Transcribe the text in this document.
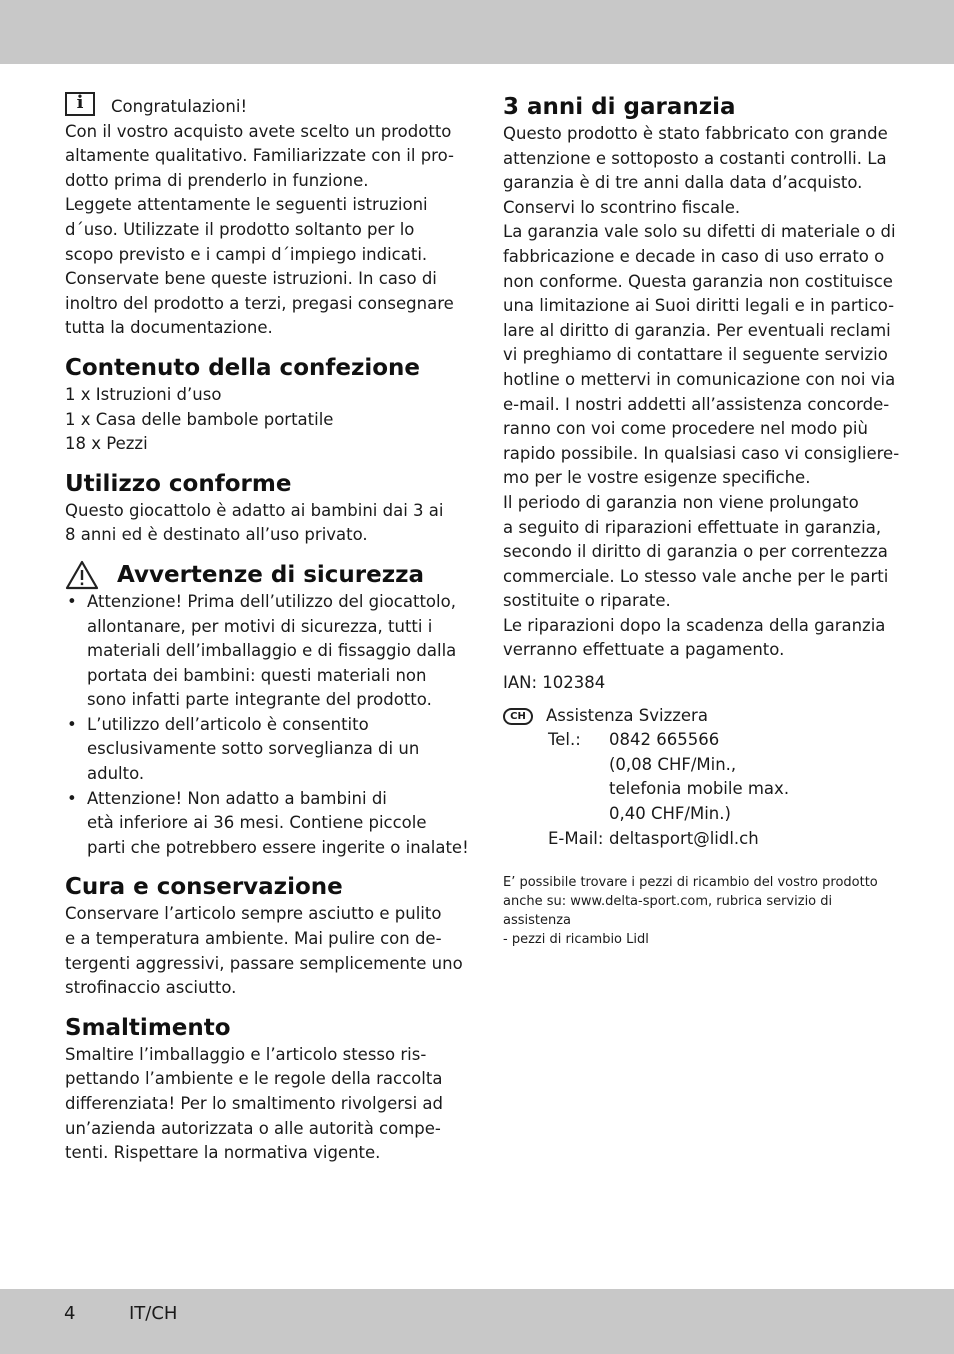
i	Congratulazioni!
Con il vostro acquisto avete scelto un prodotto
altamente qualitativo. Familiarizzate con il pro-
dotto prima di prenderlo in funzione.
Leggete attentamente le seguenti istruzioni
d´uso. Utilizzate il prodotto soltanto per lo
scopo previsto e i campi d´impiego indicati.
Conservate bene queste istruzioni. In caso di
inoltro del prodotto a terzi, pregasi consegnare
tutta la documentazione.
Contenuto della confezione
1 x Istruzioni d’uso
1 x Casa delle bambole portatile
18 x Pezzi
Utilizzo conforme
Questo giocattolo è adatto ai bambini dai 3 ai
8 anni ed è destinato all’uso privato.
Avvertenze di sicurezza
• Attenzione! Prima dell’utilizzo del giocattolo,
allontanare, per motivi di sicurezza, tutti i
materiali dell’imballaggio e di fissaggio dalla
portata dei bambini: questi materiali non
sono infatti parte integrante del prodotto.
• L’utilizzo dell’articolo è consentito
esclusivamente sotto sorveglianza di un
adulto.
• Attenzione! Non adatto a bambini di
età inferiore ai 36 mesi. Contiene piccole
parti che potrebbero essere ingerite o inalate!
Cura e conservazione
Conservare l’articolo sempre asciutto e pulito
e a temperatura ambiente. Mai pulire con de-
tergenti aggressivi, passare semplicemente uno
strofinaccio asciutto.
Smaltimento
Smaltire l’imballaggio e l’articolo stesso ris-
pettando l’ambiente e le regole della raccolta
differenziata! Per lo smaltimento rivolgersi ad
un’azienda autorizzata o alle autorità compe-
tenti. Rispettare la normativa vigente.
3 anni di garanzia
Questo prodotto è stato fabbricato con grande
attenzione e sottoposto a costanti controlli. La
garanzia è di tre anni dalla data d’acquisto.
Conservi lo scontrino fiscale.
La garanzia vale solo su difetti di materiale o di
fabbricazione e decade in caso di uso errato o
non conforme. Questa garanzia non costituisce
una limitazione ai Suoi diritti legali e in partico-
lare al diritto di garanzia. Per eventuali reclami
vi preghiamo di contattare il seguente servizio
hotline o mettervi in comunicazione con noi via
e-mail. I nostri addetti all’assistenza concorde-
ranno con voi come procedere nel modo più
rapido possibile. In qualsiasi caso vi consigliere-
mo per le vostre esigenze specifiche.
Il periodo di garanzia non viene prolungato
a seguito di riparazioni effettuate in garanzia,
secondo il diritto di garanzia o per correntezza
commerciale. Lo stesso vale anche per le parti
sostituite o riparate.
Le riparazioni dopo la scadenza della garanzia
verranno effettuate a pagamento.
IAN: 102384
CH Assistenza Svizzera
Tel.:	0842 665566
(0,08 CHF/Min.,
telefonia mobile max.
0,40 CHF/Min.)
E-Mail: deltasport@lidl.ch

E’ possibile trovare i pezzi di ricambio del vostro prodotto

anche su: www.delta-sport.com, rubrica servizio di assistenza

- pezzi di ricambio Lidl

4	IT/CH
